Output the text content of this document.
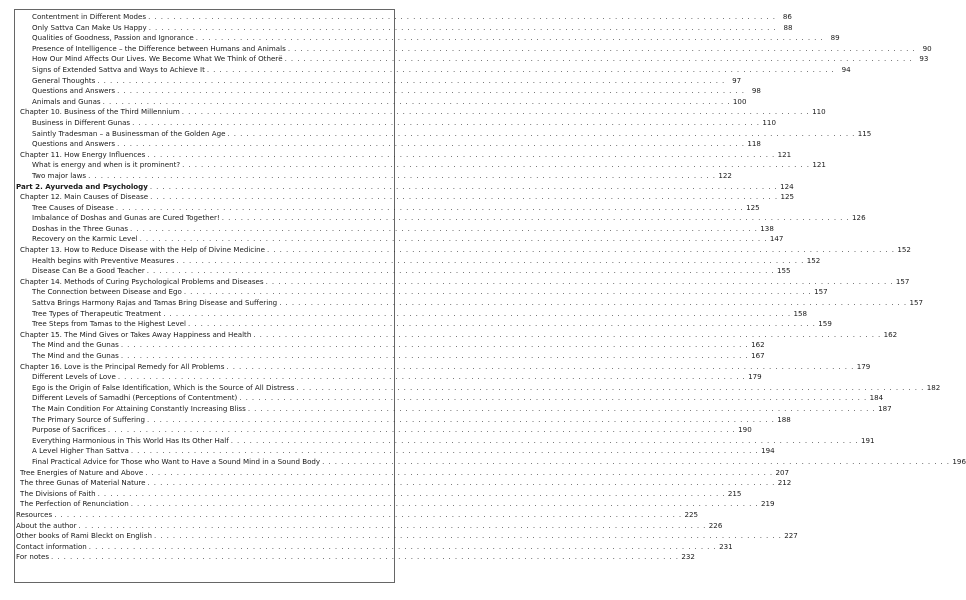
Contentment in Different Modes . . . . . . . . . . . . . . . . . . . . . . . . . . . . . . . . . . . . . . . . . . . . . . . . . . . . . . . . . . . . . . . . . . . . . . . . . . . . . . . . . . . . . . . . . . . . . . . . . . . . 86
Only Sattva Can Make Us Happy . . . . . . . . . . . . . . . . . . . . . . . . . . . . . . . . . . . . . . . . . . . . . . . . . . . . . . . . . . . . . . . . . . . . . . . . . . . . . . . . . . . . . . . . . . . . . . . . . . . . 88
Qualities of Goodness, Passion and Ignorance . . . . . . . . . . . . . . . . . . . . . . . . . . . . . . . . . . . . . . . . . . . . . . . . . . . . . . . . . . . . . . . . . . . . . . . . . . . . . . . . . . . . . . . . . . . . . . . . . . . . 89
Presence of Intelligence – the Difference between Humans and Animals . . . . . . . . . . . . . . . . . . . . . . . . . . . . . . . . . . . . . . . . . . . . . . . . . . . . . . . . . . . . . . . . . . . . . . . . . . . . . . . . . . . . . . . . . . . . . . . . . . . . 90
How Our Mind Affects Our Lives. We Become What We Think of Otherё . . . . . . . . . . . . . . . . . . . . . . . . . . . . . . . . . . . . . . . . . . . . . . . . . . . . . . . . . . . . . . . . . . . . . . . . . . . . . . . . . . . . . . . . . . . . . . . . . . . . 93
Signs of Extended Sattva and Ways to Achieve It . . . . . . . . . . . . . . . . . . . . . . . . . . . . . . . . . . . . . . . . . . . . . . . . . . . . . . . . . . . . . . . . . . . . . . . . . . . . . . . . . . . . . . . . . . . . . . . . . . . . 94
General Thoughts . . . . . . . . . . . . . . . . . . . . . . . . . . . . . . . . . . . . . . . . . . . . . . . . . . . . . . . . . . . . . . . . . . . . . . . . . . . . . . . . . . . . . . . . . . . . . . . . . . . . 97
Questions and Answers . . . . . . . . . . . . . . . . . . . . . . . . . . . . . . . . . . . . . . . . . . . . . . . . . . . . . . . . . . . . . . . . . . . . . . . . . . . . . . . . . . . . . . . . . . . . . . . . . . . . 98
Animals and Gunas . . . . . . . . . . . . . . . . . . . . . . . . . . . . . . . . . . . . . . . . . . . . . . . . . . . . . . . . . . . . . . . . . . . . . . . . . . . . . . . . . . . . . . . . . . . . . . . . . . . . 100
Chapter 10. Business of the Third Millennium . . . . . . . . . . . . . . . . . . . . . . . . . . . . . . . . . . . . . . . . . . . . . . . . . . . . . . . . . . . . . . . . . . . . . . . . . . . . . . . . . . . . . . . . . . . . . . . . . . . . 110
Business in Different Gunas . . . . . . . . . . . . . . . . . . . . . . . . . . . . . . . . . . . . . . . . . . . . . . . . . . . . . . . . . . . . . . . . . . . . . . . . . . . . . . . . . . . . . . . . . . . . . . . . . . . . 110
Saintly Tradesman – a Businessman of the Golden Age . . . . . . . . . . . . . . . . . . . . . . . . . . . . . . . . . . . . . . . . . . . . . . . . . . . . . . . . . . . . . . . . . . . . . . . . . . . . . . . . . . . . . . . . . . . . . . . . . . . . 115
Questions and Answers . . . . . . . . . . . . . . . . . . . . . . . . . . . . . . . . . . . . . . . . . . . . . . . . . . . . . . . . . . . . . . . . . . . . . . . . . . . . . . . . . . . . . . . . . . . . . . . . . . . . 118
Chapter 11. How Energy Influences . . . . . . . . . . . . . . . . . . . . . . . . . . . . . . . . . . . . . . . . . . . . . . . . . . . . . . . . . . . . . . . . . . . . . . . . . . . . . . . . . . . . . . . . . . . . . . . . . . . . 121
What is energy and when is it prominent? . . . . . . . . . . . . . . . . . . . . . . . . . . . . . . . . . . . . . . . . . . . . . . . . . . . . . . . . . . . . . . . . . . . . . . . . . . . . . . . . . . . . . . . . . . . . . . . . . . . . 121
Two major laws . . . . . . . . . . . . . . . . . . . . . . . . . . . . . . . . . . . . . . . . . . . . . . . . . . . . . . . . . . . . . . . . . . . . . . . . . . . . . . . . . . . . . . . . . . . . . . . . . . . . 122
Part 2. Ayurveda and Psychology . . . . . . . . . . . . . . . . . . . . . . . . . . . . . . . . . . . . . . . . . . . . . . . . . . . . . . . . . . . . . . . . . . . . . . . . . . . . . . . . . . . . . . . . . . . . . . . . . . . . 124
Chapter 12. Main Causes of Disease . . . . . . . . . . . . . . . . . . . . . . . . . . . . . . . . . . . . . . . . . . . . . . . . . . . . . . . . . . . . . . . . . . . . . . . . . . . . . . . . . . . . . . . . . . . . . . . . . . . . 125
Tree Causes of Disease . . . . . . . . . . . . . . . . . . . . . . . . . . . . . . . . . . . . . . . . . . . . . . . . . . . . . . . . . . . . . . . . . . . . . . . . . . . . . . . . . . . . . . . . . . . . . . . . . . . . 125
Imbalance of Doshas and Gunas are Cured Together! . . . . . . . . . . . . . . . . . . . . . . . . . . . . . . . . . . . . . . . . . . . . . . . . . . . . . . . . . . . . . . . . . . . . . . . . . . . . . . . . . . . . . . . . . . . . . . . . . . . . 126
Doshas in the Three Gunas . . . . . . . . . . . . . . . . . . . . . . . . . . . . . . . . . . . . . . . . . . . . . . . . . . . . . . . . . . . . . . . . . . . . . . . . . . . . . . . . . . . . . . . . . . . . . . . . . . . . 138
Recovery on the Karmic Level . . . . . . . . . . . . . . . . . . . . . . . . . . . . . . . . . . . . . . . . . . . . . . . . . . . . . . . . . . . . . . . . . . . . . . . . . . . . . . . . . . . . . . . . . . . . . . . . . . . . 147
Chapter 13. How to Reduce Disease with the Help of Divine Medicine . . . . . . . . . . . . . . . . . . . . . . . . . . . . . . . . . . . . . . . . . . . . . . . . . . . . . . . . . . . . . . . . . . . . . . . . . . . . . . . . . . . . . . . . . . . . . . . . . . . . 152
Health begins with Preventive Measures . . . . . . . . . . . . . . . . . . . . . . . . . . . . . . . . . . . . . . . . . . . . . . . . . . . . . . . . . . . . . . . . . . . . . . . . . . . . . . . . . . . . . . . . . . . . . . . . . . . . 152
Disease Can Be a Good Teacher . . . . . . . . . . . . . . . . . . . . . . . . . . . . . . . . . . . . . . . . . . . . . . . . . . . . . . . . . . . . . . . . . . . . . . . . . . . . . . . . . . . . . . . . . . . . . . . . . . . . 155
Chapter 14. Methods of Curing Psychological Problems and Diseases . . . . . . . . . . . . . . . . . . . . . . . . . . . . . . . . . . . . . . . . . . . . . . . . . . . . . . . . . . . . . . . . . . . . . . . . . . . . . . . . . . . . . . . . . . . . . . . . . . . . 157
The Connection between Disease and Ego . . . . . . . . . . . . . . . . . . . . . . . . . . . . . . . . . . . . . . . . . . . . . . . . . . . . . . . . . . . . . . . . . . . . . . . . . . . . . . . . . . . . . . . . . . . . . . . . . . . . 157
Sattva Brings Harmony Rajas and Tamas Bring Disease and Suffering . . . . . . . . . . . . . . . . . . . . . . . . . . . . . . . . . . . . . . . . . . . . . . . . . . . . . . . . . . . . . . . . . . . . . . . . . . . . . . . . . . . . . . . . . . . . . . . . . . . . 157
Tree Types of Therapeutic Treatment . . . . . . . . . . . . . . . . . . . . . . . . . . . . . . . . . . . . . . . . . . . . . . . . . . . . . . . . . . . . . . . . . . . . . . . . . . . . . . . . . . . . . . . . . . . . . . . . . . . . 158
Tree Steps from Tamas to the Highest Level . . . . . . . . . . . . . . . . . . . . . . . . . . . . . . . . . . . . . . . . . . . . . . . . . . . . . . . . . . . . . . . . . . . . . . . . . . . . . . . . . . . . . . . . . . . . . . . . . . . . 159
Chapter 15. The Mind Gives or Takes Away Happiness and Health . . . . . . . . . . . . . . . . . . . . . . . . . . . . . . . . . . . . . . . . . . . . . . . . . . . . . . . . . . . . . . . . . . . . . . . . . . . . . . . . . . . . . . . . . . . . . . . . . . . . 162
The Mind and the Gunas . . . . . . . . . . . . . . . . . . . . . . . . . . . . . . . . . . . . . . . . . . . . . . . . . . . . . . . . . . . . . . . . . . . . . . . . . . . . . . . . . . . . . . . . . . . . . . . . . . . . 162
The Mind and the Gunas . . . . . . . . . . . . . . . . . . . . . . . . . . . . . . . . . . . . . . . . . . . . . . . . . . . . . . . . . . . . . . . . . . . . . . . . . . . . . . . . . . . . . . . . . . . . . . . . . . . . 167
Chapter 16. Love is the Principal Remedy for All Problems . . . . . . . . . . . . . . . . . . . . . . . . . . . . . . . . . . . . . . . . . . . . . . . . . . . . . . . . . . . . . . . . . . . . . . . . . . . . . . . . . . . . . . . . . . . . . . . . . . . . 179
Different Levels of Love . . . . . . . . . . . . . . . . . . . . . . . . . . . . . . . . . . . . . . . . . . . . . . . . . . . . . . . . . . . . . . . . . . . . . . . . . . . . . . . . . . . . . . . . . . . . . . . . . . . . 179
Ego is the Origin of False Identification, Which is the Source of All Distress . . . . . . . . . . . . . . . . . . . . . . . . . . . . . . . . . . . . . . . . . . . . . . . . . . . . . . . . . . . . . . . . . . . . . . . . . . . . . . . . . . . . . . . . . . . . . . . . . . . . 182
Different Levels of Samadhi (Perceptions of Contentment) . . . . . . . . . . . . . . . . . . . . . . . . . . . . . . . . . . . . . . . . . . . . . . . . . . . . . . . . . . . . . . . . . . . . . . . . . . . . . . . . . . . . . . . . . . . . . . . . . . . . 184
The Main Condition For Attaining Constantly Increasing Bliss . . . . . . . . . . . . . . . . . . . . . . . . . . . . . . . . . . . . . . . . . . . . . . . . . . . . . . . . . . . . . . . . . . . . . . . . . . . . . . . . . . . . . . . . . . . . . . . . . . . . 187
The Primary Source of Suffering . . . . . . . . . . . . . . . . . . . . . . . . . . . . . . . . . . . . . . . . . . . . . . . . . . . . . . . . . . . . . . . . . . . . . . . . . . . . . . . . . . . . . . . . . . . . . . . . . . . . 188
Purpose of Sacrifices . . . . . . . . . . . . . . . . . . . . . . . . . . . . . . . . . . . . . . . . . . . . . . . . . . . . . . . . . . . . . . . . . . . . . . . . . . . . . . . . . . . . . . . . . . . . . . . . . . . . 190
Everything Harmonious in This World Has Its Other Half . . . . . . . . . . . . . . . . . . . . . . . . . . . . . . . . . . . . . . . . . . . . . . . . . . . . . . . . . . . . . . . . . . . . . . . . . . . . . . . . . . . . . . . . . . . . . . . . . . . . 191
A Level Higher Than Sattva . . . . . . . . . . . . . . . . . . . . . . . . . . . . . . . . . . . . . . . . . . . . . . . . . . . . . . . . . . . . . . . . . . . . . . . . . . . . . . . . . . . . . . . . . . . . . . . . . . . . 194
Final Practical Advice for Those who Want to Have a Sound Mind in a Sound Body . . . . . . . . . . . . . . . . . . . . . . . . . . . . . . . . . . . . . . . . . . . . . . . . . . . . . . . . . . . . . . . . . . . . . . . . . . . . . . . . . . . . . . . . . . . . . . . . . . . . 196
Tree Energies of Nature and Above . . . . . . . . . . . . . . . . . . . . . . . . . . . . . . . . . . . . . . . . . . . . . . . . . . . . . . . . . . . . . . . . . . . . . . . . . . . . . . . . . . . . . . . . . . . . . . . . . . . . 207
The three Gunas of Material Nature . . . . . . . . . . . . . . . . . . . . . . . . . . . . . . . . . . . . . . . . . . . . . . . . . . . . . . . . . . . . . . . . . . . . . . . . . . . . . . . . . . . . . . . . . . . . . . . . . . . . 212
The Divisions of Faith . . . . . . . . . . . . . . . . . . . . . . . . . . . . . . . . . . . . . . . . . . . . . . . . . . . . . . . . . . . . . . . . . . . . . . . . . . . . . . . . . . . . . . . . . . . . . . . . . . . . 215
The Perfection of Renunciation . . . . . . . . . . . . . . . . . . . . . . . . . . . . . . . . . . . . . . . . . . . . . . . . . . . . . . . . . . . . . . . . . . . . . . . . . . . . . . . . . . . . . . . . . . . . . . . . . . . . 219
Resources . . . . . . . . . . . . . . . . . . . . . . . . . . . . . . . . . . . . . . . . . . . . . . . . . . . . . . . . . . . . . . . . . . . . . . . . . . . . . . . . . . . . . . . . . . . . . . . . . . . . 225
About the author . . . . . . . . . . . . . . . . . . . . . . . . . . . . . . . . . . . . . . . . . . . . . . . . . . . . . . . . . . . . . . . . . . . . . . . . . . . . . . . . . . . . . . . . . . . . . . . . . . . . 226
Other books of Rami Bleckt on English . . . . . . . . . . . . . . . . . . . . . . . . . . . . . . . . . . . . . . . . . . . . . . . . . . . . . . . . . . . . . . . . . . . . . . . . . . . . . . . . . . . . . . . . . . . . . . . . . . . . 227
Contact information . . . . . . . . . . . . . . . . . . . . . . . . . . . . . . . . . . . . . . . . . . . . . . . . . . . . . . . . . . . . . . . . . . . . . . . . . . . . . . . . . . . . . . . . . . . . . . . . . . . . 231
For notes . . . . . . . . . . . . . . . . . . . . . . . . . . . . . . . . . . . . . . . . . . . . . . . . . . . . . . . . . . . . . . . . . . . . . . . . . . . . . . . . . . . . . . . . . . . . . . . . . . . . 232
